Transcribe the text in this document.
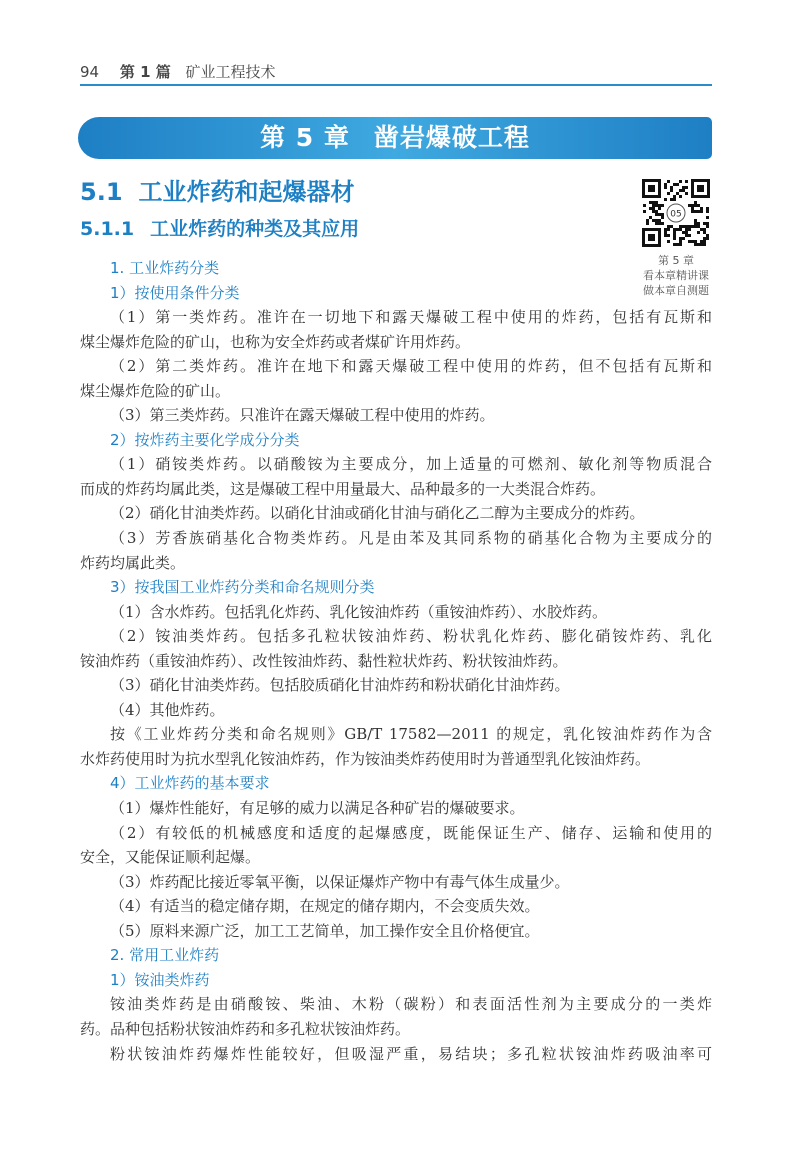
94 第 1 篇 矿业工程技术
第 5 章 凿岩爆破工程
5.1 工业炸药和起爆器材
5.1.1 工业炸药的种类及其应用
05
第 5 章
看本章精讲课
做本章自测题
1. 工业炸药分类
1）按使用条件分类
（1）第一类炸药。准许在一切地下和露天爆破工程中使用的炸药，包括有瓦斯和
煤尘爆炸危险的矿山，也称为安全炸药或者煤矿许用炸药。
（2）第二类炸药。准许在地下和露天爆破工程中使用的炸药，但不包括有瓦斯和
煤尘爆炸危险的矿山。
（3）第三类炸药。只准许在露天爆破工程中使用的炸药。
2）按炸药主要化学成分分类
（1）硝铵类炸药。以硝酸铵为主要成分，加上适量的可燃剂、敏化剂等物质混合
而成的炸药均属此类，这是爆破工程中用量最大、品种最多的一大类混合炸药。
（2）硝化甘油类炸药。以硝化甘油或硝化甘油与硝化乙二醇为主要成分的炸药。
（3）芳香族硝基化合物类炸药。凡是由苯及其同系物的硝基化合物为主要成分的
炸药均属此类。
3）按我国工业炸药分类和命名规则分类
（1）含水炸药。包括乳化炸药、乳化铵油炸药（重铵油炸药）、水胶炸药。
（2）铵油类炸药。包括多孔粒状铵油炸药、粉状乳化炸药、膨化硝铵炸药、乳化
铵油炸药（重铵油炸药）、改性铵油炸药、黏性粒状炸药、粉状铵油炸药。
（3）硝化甘油类炸药。包括胶质硝化甘油炸药和粉状硝化甘油炸药。
（4）其他炸药。
按《工业炸药分类和命名规则》GB/T 17582—2011 的规定，乳化铵油炸药作为含
水炸药使用时为抗水型乳化铵油炸药，作为铵油类炸药使用时为普通型乳化铵油炸药。
4）工业炸药的基本要求
（1）爆炸性能好，有足够的威力以满足各种矿岩的爆破要求。
（2）有较低的机械感度和适度的起爆感度，既能保证生产、储存、运输和使用的
安全，又能保证顺利起爆。
（3）炸药配比接近零氧平衡，以保证爆炸产物中有毒气体生成量少。
（4）有适当的稳定储存期，在规定的储存期内，不会变质失效。
（5）原料来源广泛，加工工艺简单，加工操作安全且价格便宜。
2. 常用工业炸药
1）铵油类炸药
铵油类炸药是由硝酸铵、柴油、木粉（碳粉）和表面活性剂为主要成分的一类炸
药。品种包括粉状铵油炸药和多孔粒状铵油炸药。
粉状铵油炸药爆炸性能较好，但吸湿严重，易结块；多孔粒状铵油炸药吸油率可
